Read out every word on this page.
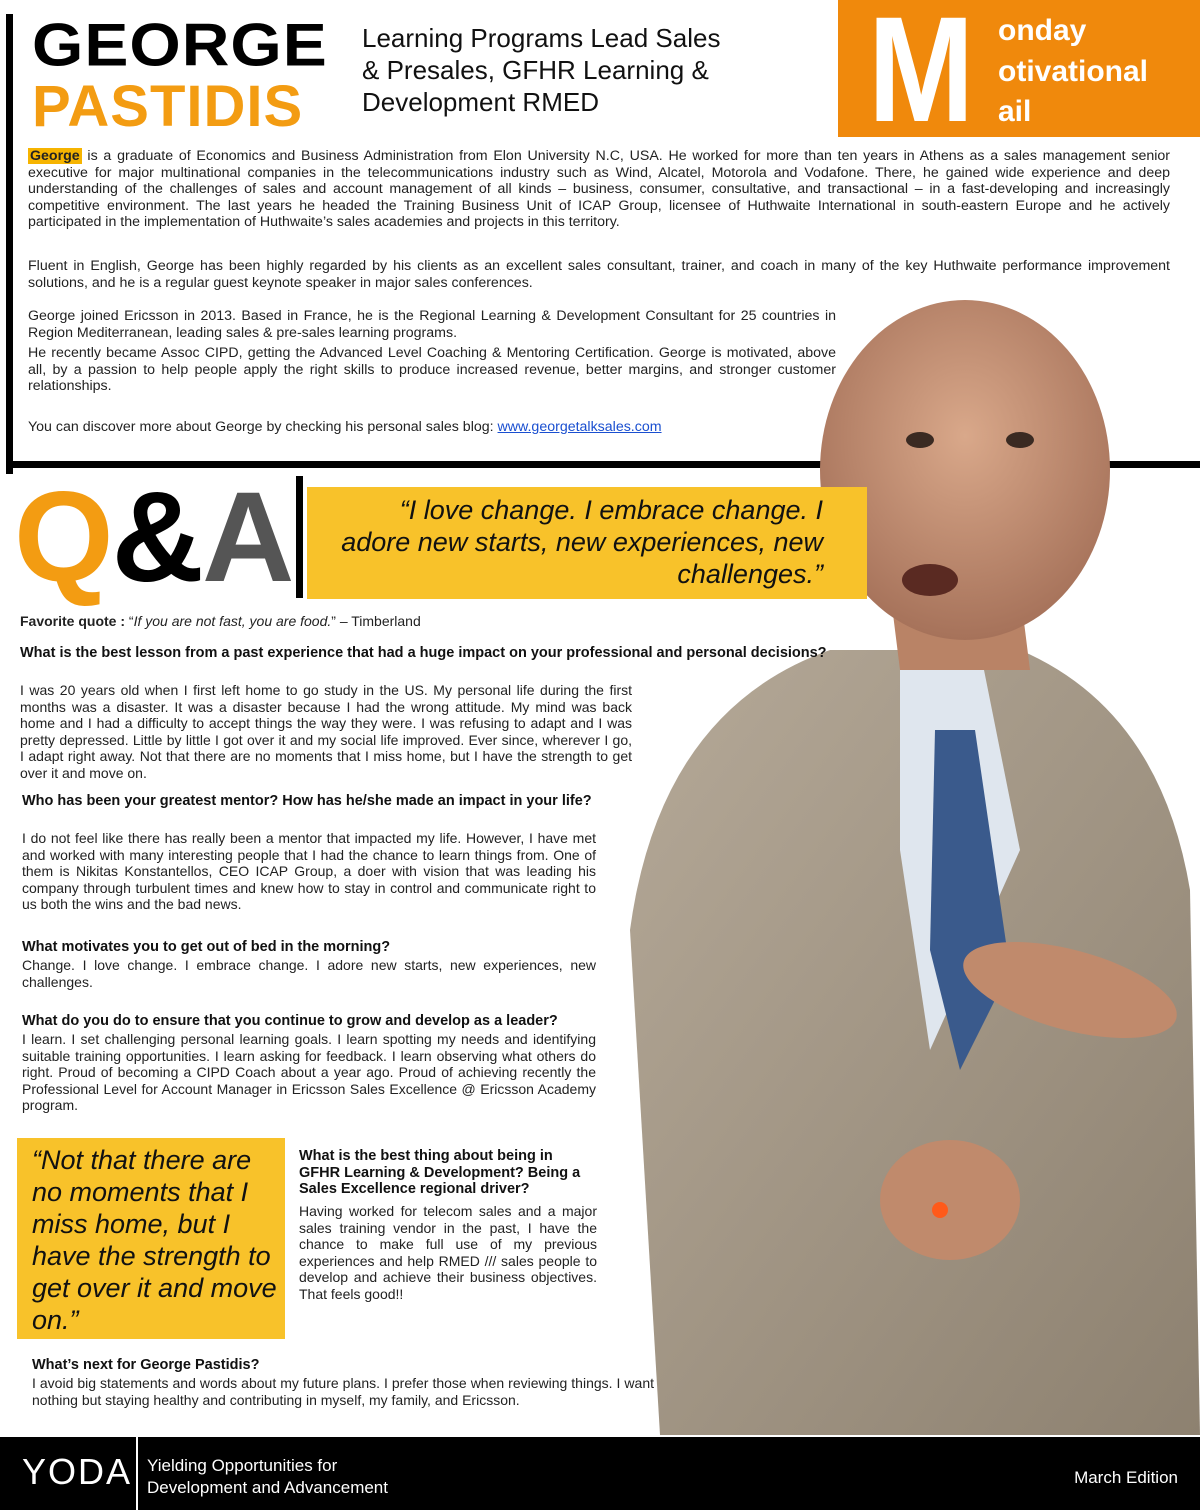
GEORGE
PASTIDIS
Learning Programs Lead Sales
& Presales, GFHR Learning &
Development RMED	M onday
otivational
ail
George is a graduate of Economics and Business Administration from Elon University N.C, USA. He worked for more than ten years in Athens as a sales management senior executive for major multinational companies in the telecommunications industry such as Wind, Alcatel, Motorola and Vodafone. There, he gained wide experience and deep understanding of the challenges of sales and account management of all kinds – business, consumer, consultative, and transactional – in a fast-developing and increasingly competitive environment. The last years he headed the Training Business Unit of ICAP Group, licensee of Huthwaite International in south-eastern Europe and he actively participated in the implementation of Huthwaite’s sales academies and projects in this territory.
Fluent in English, George has been highly regarded by his clients as an excellent sales consultant, trainer, and coach in many of the key Huthwaite performance improvement solutions, and he is a regular guest keynote speaker in major sales conferences.
George joined Ericsson in 2013. Based in France, he is the Regional Learning & Development Consultant for 25 countries in Region Mediterranean, leading sales & pre-sales learning programs.
He recently became Assoc CIPD, getting the Advanced Level Coaching & Mentoring Certification. George is motivated, above all, by a passion to help people apply the right skills to produce increased revenue, better margins, and stronger customer relationships.
You can discover more about George by checking his personal sales blog: www.georgetalksales.com
Q&A	“I love change. I embrace change. I adore new starts, new experiences, new challenges.”
Favorite quote : “If you are not fast, you are food.” – Timberland
What is the best lesson from a past experience that had a huge impact on your professional and personal decisions?
I was 20 years old when I first left home to go study in the US. My personal life during the first months was a disaster. It was a disaster because I had the wrong attitude. My mind was back home and I had a difficulty to accept things the way they were. I was refusing to adapt and I was pretty depressed. Little by little I got over it and my social life improved. Ever since, wherever I go, I adapt right away. Not that there are no moments that I miss home, but I have the strength to get over it and move on.
Who has been your greatest mentor? How has he/she made an impact in your life?
I do not feel like there has really been a mentor that impacted my life. However, I have met and worked with many interesting people that I had the chance to learn things from. One of them is Nikitas Konstantellos, CEO ICAP Group, a doer with vision that was leading his company through turbulent times and knew how to stay in control and communicate right to us both the wins and the bad news.
What motivates you to get out of bed in the morning?
Change. I love change. I embrace change. I adore new starts, new experiences, new challenges.
What do you do to ensure that you continue to grow and develop as a leader?
I learn. I set challenging personal learning goals. I learn spotting my needs and identifying suitable training opportunities. I learn asking for feedback. I learn observing what others do right. Proud of becoming a CIPD Coach about a year ago. Proud of achieving recently the Professional Level for Account Manager in Ericsson Sales Excellence @ Ericsson Academy program.
“Not that there are no moments that I miss home, but I have the strength to get over it and move on.”
What is the best thing about being in GFHR Learning & Development? Being a Sales Excellence regional driver?
Having worked for telecom sales and a major sales training vendor in the past, I have the chance to make full use of my previous experiences and help RMED /// sales people to develop and achieve their business objectives. That feels good!!
What’s next for George Pastidis?
I avoid big statements and words about my future plans. I prefer those when reviewing things. I want nothing but staying healthy and contributing in myself, my family, and Ericsson.
YODA Yielding Opportunities for
Development and Advancement
March Edition
